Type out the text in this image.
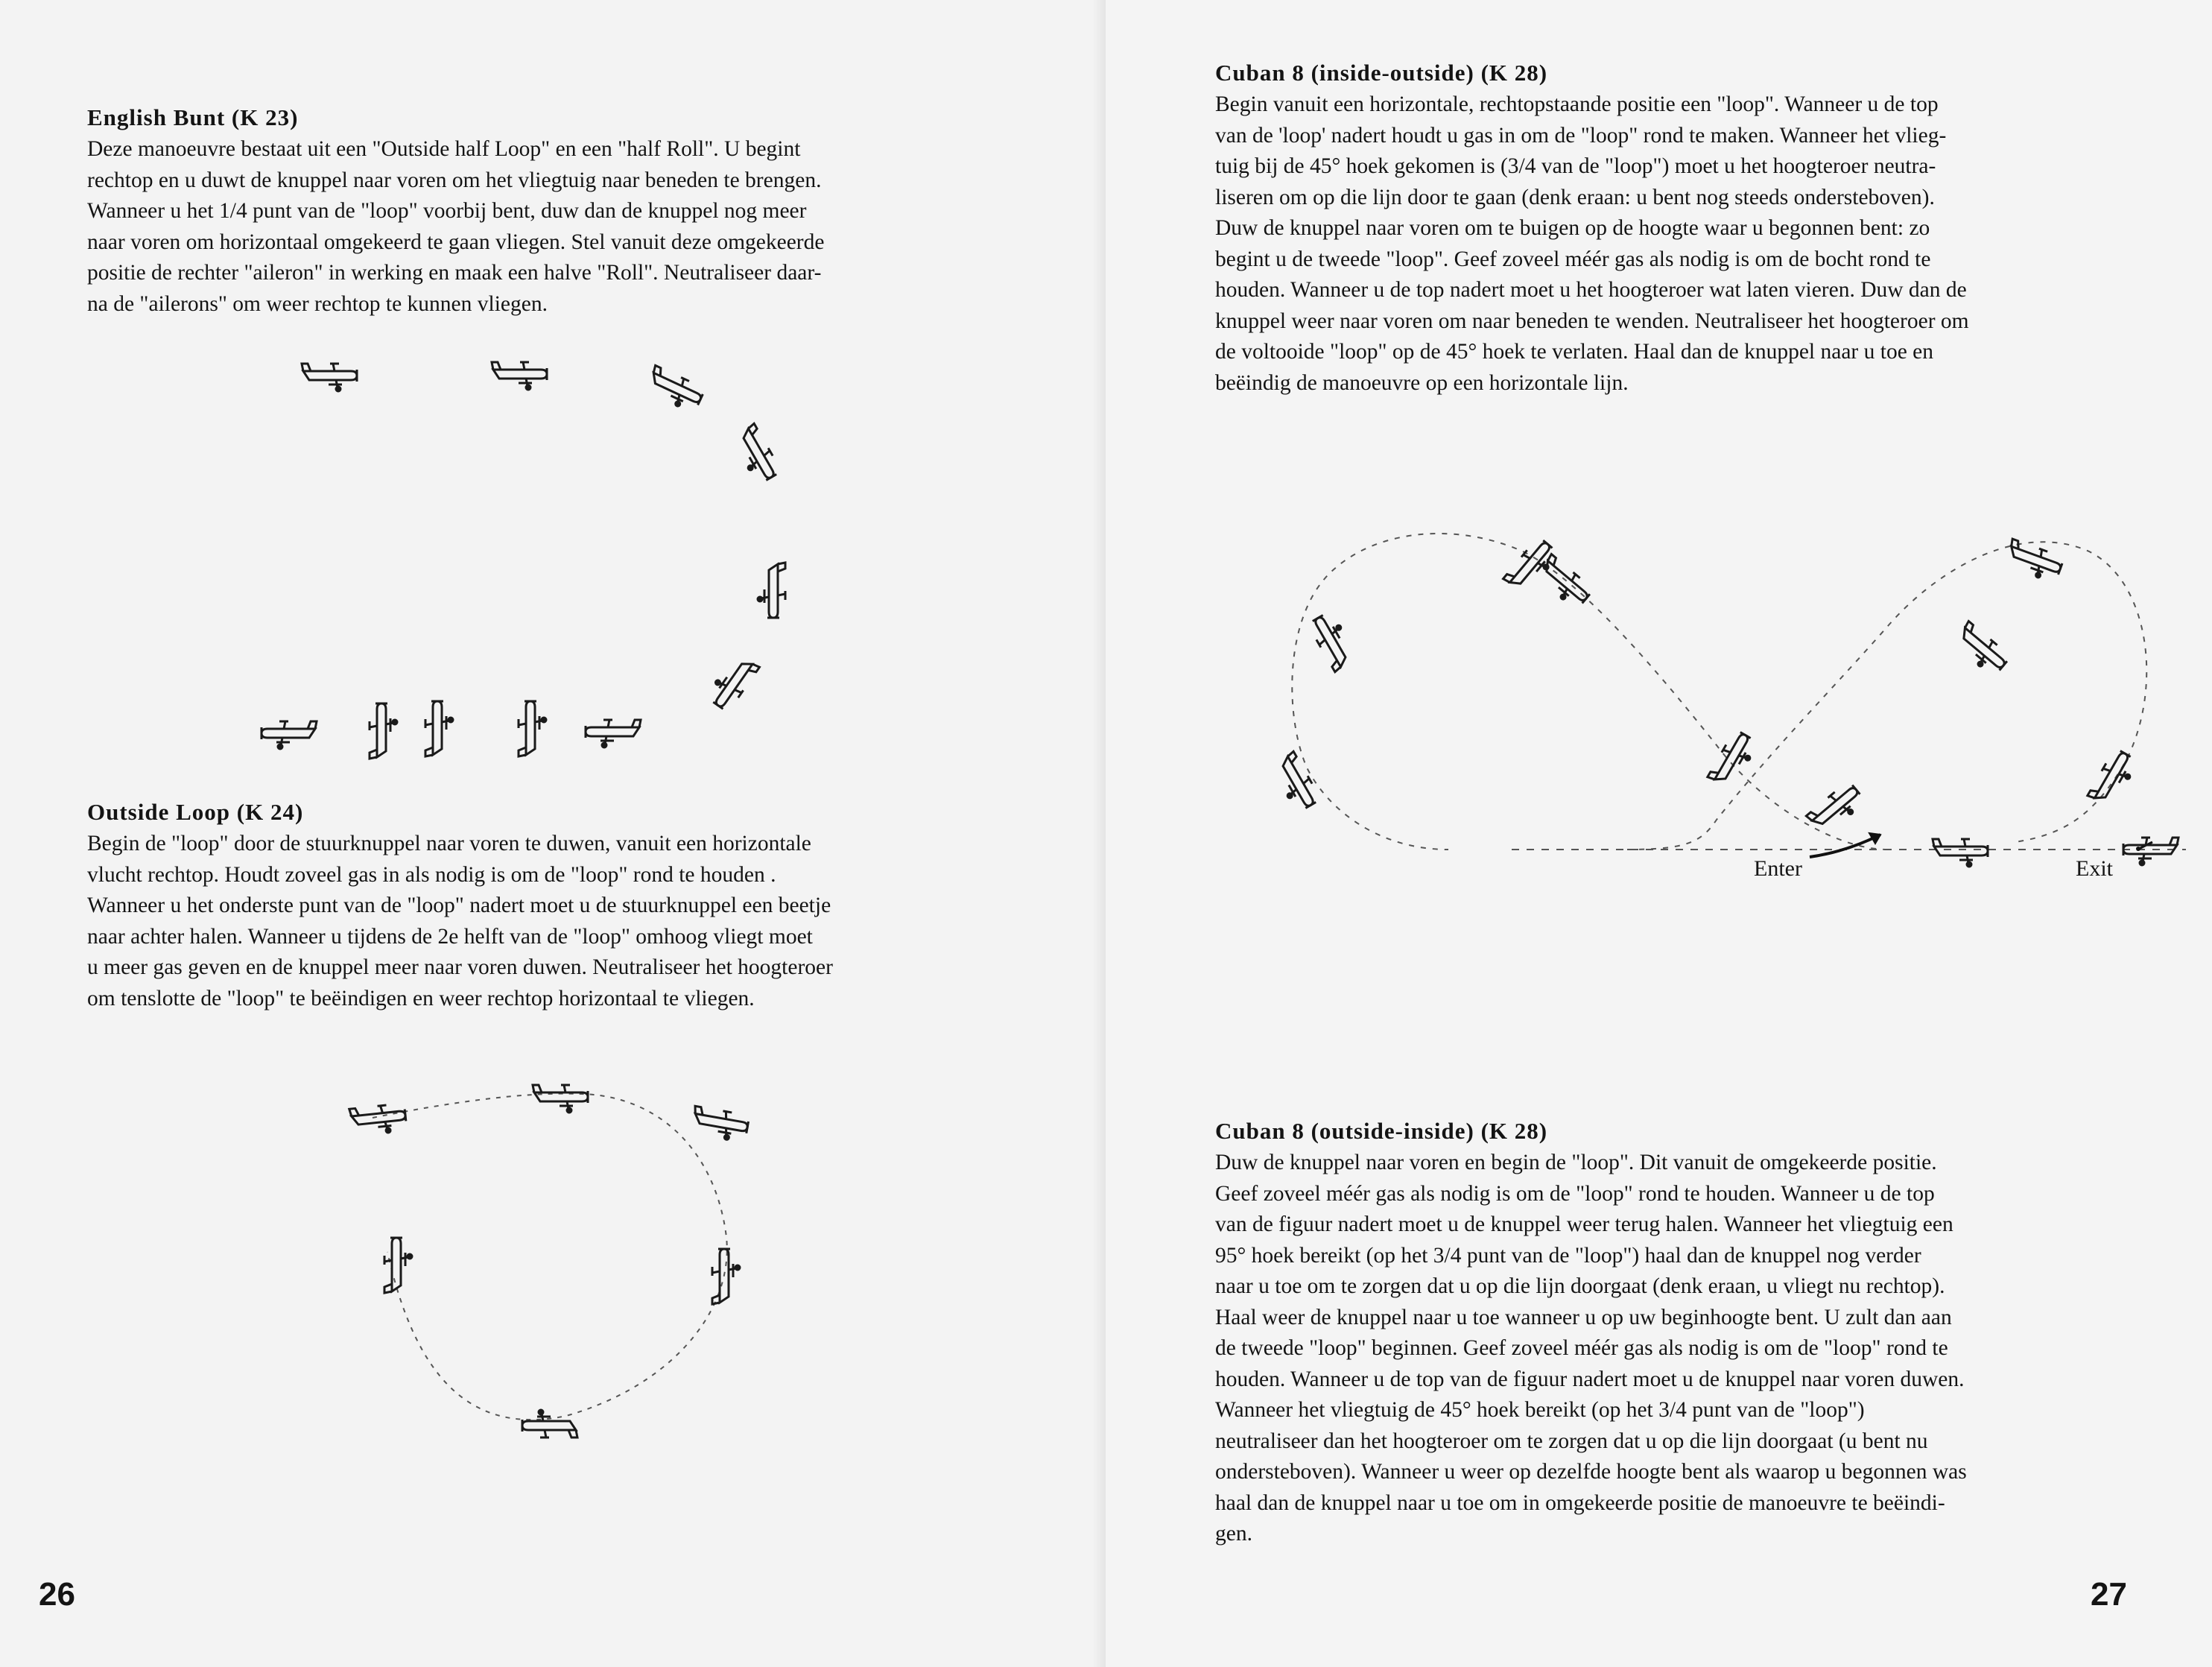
English Bunt (K 23)
Deze manoeuvre bestaat uit een "Outside half Loop" en een "half Roll". U begint
rechtop en u duwt de knuppel naar voren om het vliegtuig naar beneden te brengen.
Wanneer u het 1/4 punt van de "loop" voorbij bent, duw dan de knuppel nog meer
naar voren om horizontaal omgekeerd te gaan vliegen. Stel vanuit deze omgekeerde
positie de rechter "aileron" in werking en maak een halve "Roll". Neutraliseer daar-
na de "ailerons" om weer rechtop te kunnen vliegen.
Outside Loop (K 24)
Begin de "loop" door de stuurknuppel naar voren te duwen, vanuit een horizontale
vlucht rechtop. Houdt zoveel gas in als nodig is om de "loop" rond te houden .
Wanneer u het onderste punt van de "loop" nadert moet u de stuurknuppel een beetje
naar achter halen. Wanneer u tijdens de 2e helft van de "loop" omhoog vliegt moet
u meer gas geven en de knuppel meer naar voren duwen. Neutraliseer het hoogteroer
om tenslotte de "loop" te beëindigen en weer rechtop horizontaal te vliegen.
26
Cuban 8 (inside-outside) (K 28)
Begin vanuit een horizontale, rechtopstaande positie een "loop". Wanneer u de top
van de 'loop' nadert houdt u gas in om de "loop" rond te maken. Wanneer het vlieg-
tuig bij de 45° hoek gekomen is (3/4 van de "loop") moet u het hoogteroer neutra-
liseren om op die lijn door te gaan (denk eraan: u bent nog steeds ondersteboven).
Duw de knuppel naar voren om te buigen op de hoogte waar u begonnen bent: zo
begint u de tweede "loop". Geef zoveel méér gas als nodig is om de bocht rond te
houden. Wanneer u de top nadert moet u het hoogteroer wat laten vieren. Duw dan de
knuppel weer naar voren om naar beneden te wenden. Neutraliseer het hoogteroer om
de voltooide "loop" op de 45° hoek te verlaten. Haal dan de knuppel naar u toe en
beëindig de manoeuvre op een horizontale lijn.
Enter	Exit
Cuban 8 (outside-inside) (K 28)
Duw de knuppel naar voren en begin de "loop". Dit vanuit de omgekeerde positie.
Geef zoveel méér gas als nodig is om de "loop" rond te houden. Wanneer u de top
van de figuur nadert moet u de knuppel weer terug halen. Wanneer het vliegtuig een
95° hoek bereikt (op het 3/4 punt van de "loop") haal dan de knuppel nog verder
naar u toe om te zorgen dat u op die lijn doorgaat (denk eraan, u vliegt nu rechtop).
Haal weer de knuppel naar u toe wanneer u op uw beginhoogte bent. U zult dan aan
de tweede "loop" beginnen. Geef zoveel méér gas als nodig is om de "loop" rond te
houden. Wanneer u de top van de figuur nadert moet u de knuppel naar voren duwen.
Wanneer het vliegtuig de 45° hoek bereikt (op het 3/4 punt van de "loop")
neutraliseer dan het hoogteroer om te zorgen dat u op die lijn doorgaat (u bent nu
ondersteboven). Wanneer u weer op dezelfde hoogte bent als waarop u begonnen was
haal dan de knuppel naar u toe om in omgekeerde positie de manoeuvre te beëindi-
gen.
27
